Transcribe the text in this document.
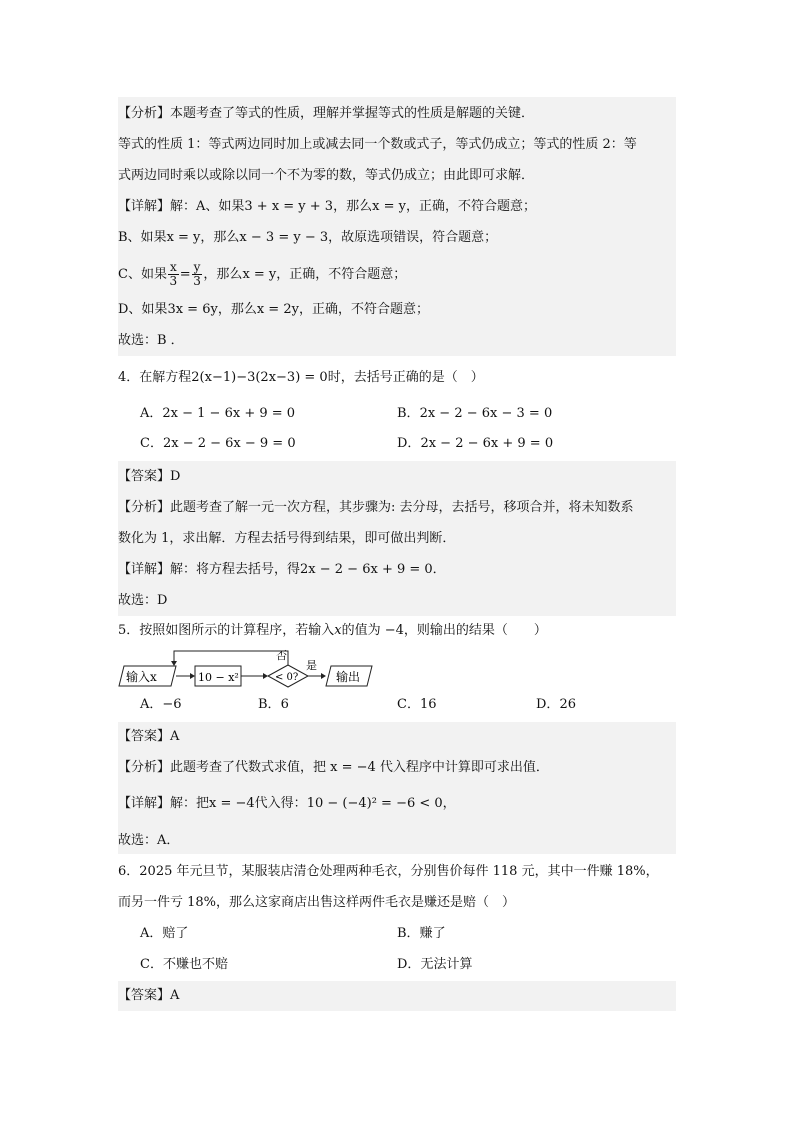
【分析】本题考查了等式的性质，理解并掌握等式的性质是解题的关键．
等式的性质 1：等式两边同时加上或减去同一个数或式子，等式仍成立；等式的性质 2：等
式两边同时乘以或除以同一个不为零的数，等式仍成立；由此即可求解．
【详解】解：A、如果3 + x = y + 3，那么x = y，正确，不符合题意；
B、如果x = y，那么x − 3 = y − 3，故原选项错误，符合题意；
C、如果 $\frac{x}{3} = \frac{y}{3}$ ，那么x = y，正确，不符合题意；
D、如果3x = 6y，那么x = 2y，正确，不符合题意；
故选：B ．
4．在解方程2(x−1)−3(2x−3) = 0时，去括号正确的是（　）
A．2x − 1 − 6x + 9 = 0	B．2x − 2 − 6x − 3 = 0
C．2x − 2 − 6x − 9 = 0	D．2x − 2 − 6x + 9 = 0
【答案】D
【分析】此题考查了解一元一次方程，其步骤为: 去分母，去括号，移项合并，将未知数系
数化为 1，求出解．方程去括号得到结果，即可做出判断．
【详解】解：将方程去括号，得2x − 2 − 6x + 9 = 0．
故选：D
5．按照如图所示的计算程序，若输入x的值为 −4，则输出的结果（　　）
输入x	10 − x²	< 0?
否
是
输出
A．−6	B．6	C．16	D．26
【答案】A
【分析】此题考查了代数式求值，把 x = −4 代入程序中计算即可求出值．
【详解】解：把x = −4代入得：10 − (−4)² = −6 < 0，
故选：A．
6．2025 年元旦节，某服装店清仓处理两种毛衣，分别售价每件 118 元，其中一件赚 18%，
而另一件亏 18%，那么这家商店出售这样两件毛衣是赚还是赔（　）
A．赔了	B．赚了
C．不赚也不赔	D．无法计算
【答案】A
